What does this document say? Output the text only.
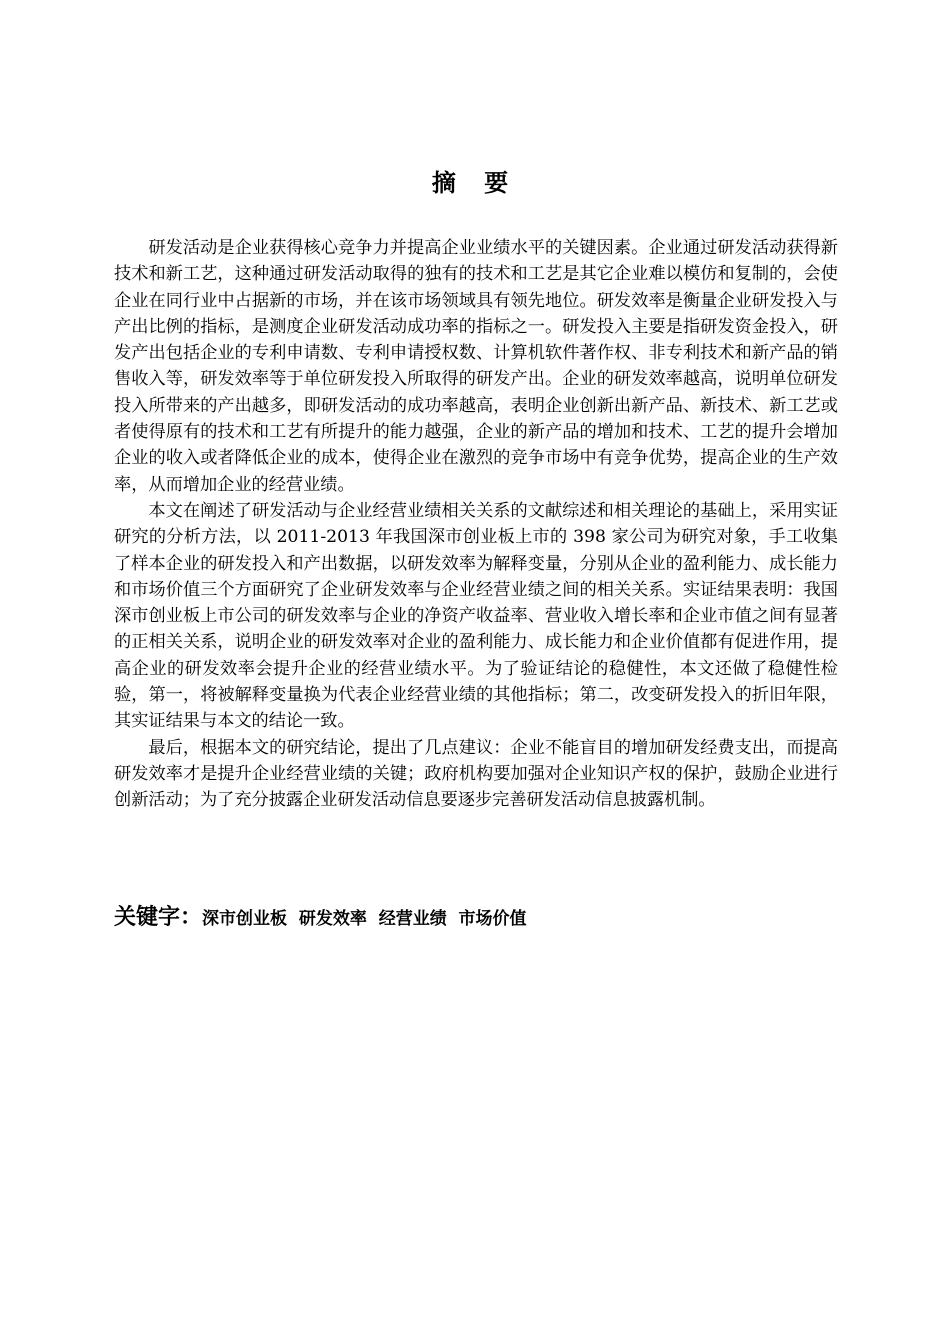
摘 要

研发活动是企业获得核心竞争力并提高企业业绩水平的关键因素。企业通过研发活动获得新技术和新工艺，这种通过研发活动取得的独有的技术和工艺是其它企业难以模仿和复制的，会使企业在同行业中占据新的市场，并在该市场领域具有领先地位。研发效率是衡量企业研发投入与产出比例的指标，是测度企业研发活动成功率的指标之一。研发投入主要是指研发资金投入，研发产出包括企业的专利申请数、专利申请授权数、计算机软件著作权、非专利技术和新产品的销售收入等，研发效率等于单位研发投入所取得的研发产出。企业的研发效率越高，说明单位研发投入所带来的产出越多，即研发活动的成功率越高，表明企业创新出新产品、新技术、新工艺或者使得原有的技术和工艺有所提升的能力越强，企业的新产品的增加和技术、工艺的提升会增加企业的收入或者降低企业的成本，使得企业在激烈的竞争市场中有竞争优势，提高企业的生产效率，从而增加企业的经营业绩。

本文在阐述了研发活动与企业经营业绩相关关系的文献综述和相关理论的基础上，采用实证研究的分析方法，以 2011-2013 年我国深市创业板上市的 398 家公司为研究对象，手工收集了样本企业的研发投入和产出数据，以研发效率为解释变量，分别从企业的盈利能力、成长能力和市场价值三个方面研究了企业研发效率与企业经营业绩之间的相关关系。实证结果表明：我国深市创业板上市公司的研发效率与企业的净资产收益率、营业收入增长率和企业市值之间有显著的正相关关系，说明企业的研发效率对企业的盈利能力、成长能力和企业价值都有促进作用，提高企业的研发效率会提升企业的经营业绩水平。为了验证结论的稳健性，本文还做了稳健性检验，第一，将被解释变量换为代表企业经营业绩的其他指标；第二，改变研发投入的折旧年限，其实证结果与本文的结论一致。

最后，根据本文的研究结论，提出了几点建议：企业不能盲目的增加研发经费支出，而提高研发效率才是提升企业经营业绩的关键；政府机构要加强对企业知识产权的保护，鼓励企业进行创新活动；为了充分披露企业研发活动信息要逐步完善研发活动信息披露机制。

关键字：深市创业板  研发效率  经营业绩  市场价值
